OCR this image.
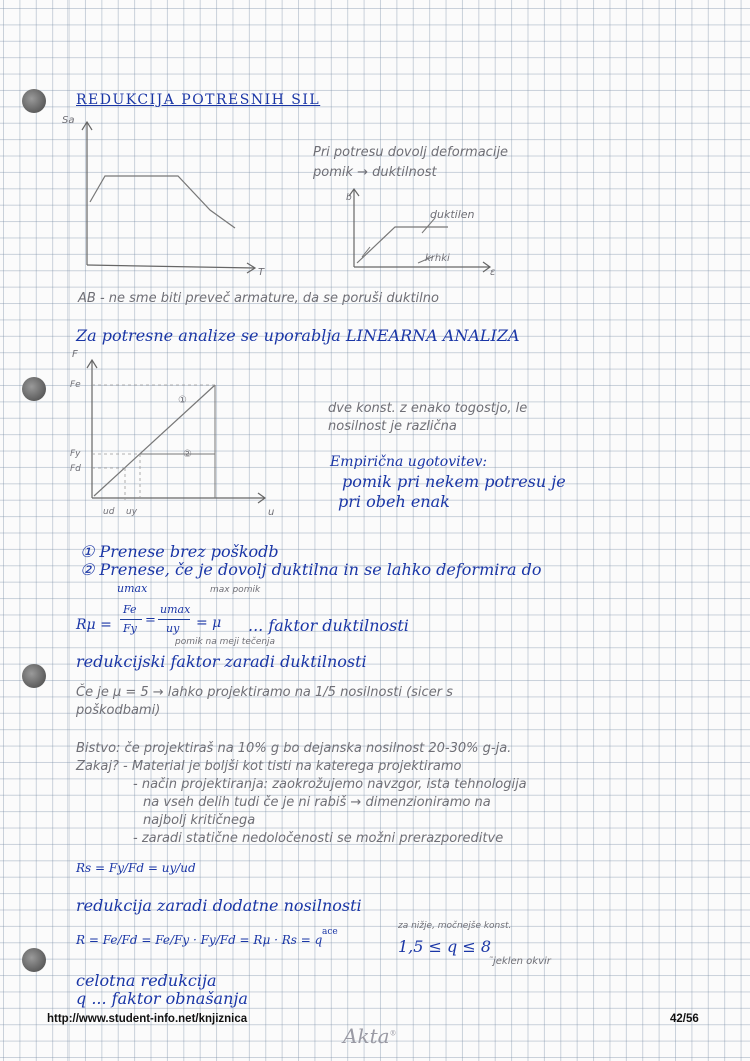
REDUKCIJA POTRESNIH SIL
Sa
T
Pri potresu dovolj deformacije
pomik → duktilnost
b
ε
duktilen
krhki
AB - ne sme biti preveč armature, da se poruši duktilno
Za potresne analize se uporablja LINEARNA ANALIZA
F
Fe
Fy
Fd
u
ud uy
①
②
dve konst. z enako togostjo, le
nosilnost je različna
Empirična ugotovitev:
pomik pri nekem potresu je
pri obeh enak
① Prenese brez poškodb
② Prenese, če je dovolj duktilna in se lahko deformira do
umax	max pomik
Rμ =
Fe
Fy
=
umax
uy = μ ... faktor duktilnosti
pomik na meji tečenja
redukcijski faktor zaradi duktilnosti
Če je μ = 5 → lahko projektiramo na 1/5 nosilnosti (sicer s
poškodbami)
Bistvo: če projektiraš na 10% g bo dejanska nosilnost 20-30% g-ja.
Zakaj? - Material je boljši kot tisti na katerega projektiramo
- način projektiranja: zaokrožujemo navzgor, ista tehnologija
na vseh delih tudi če je ni rabiš → dimenzioniramo na
najbolj kritičnega
- zaradi statične nedoločenosti se možni prerazporeditve
Rs = Fy/Fd = uy/ud
redukcija zaradi dodatne nosilnosti
R = Fe/Fd = Fe/Fy · Fy/Fd = Rμ · Rs = q
ace
za nižje, močnejše konst.
1,5 ≤ q ≤ 8
˜jeklen okvir
celotna redukcija
q ... faktor obnašanja
http://www.student-info.net/knjiznica	42/56
Akta®
